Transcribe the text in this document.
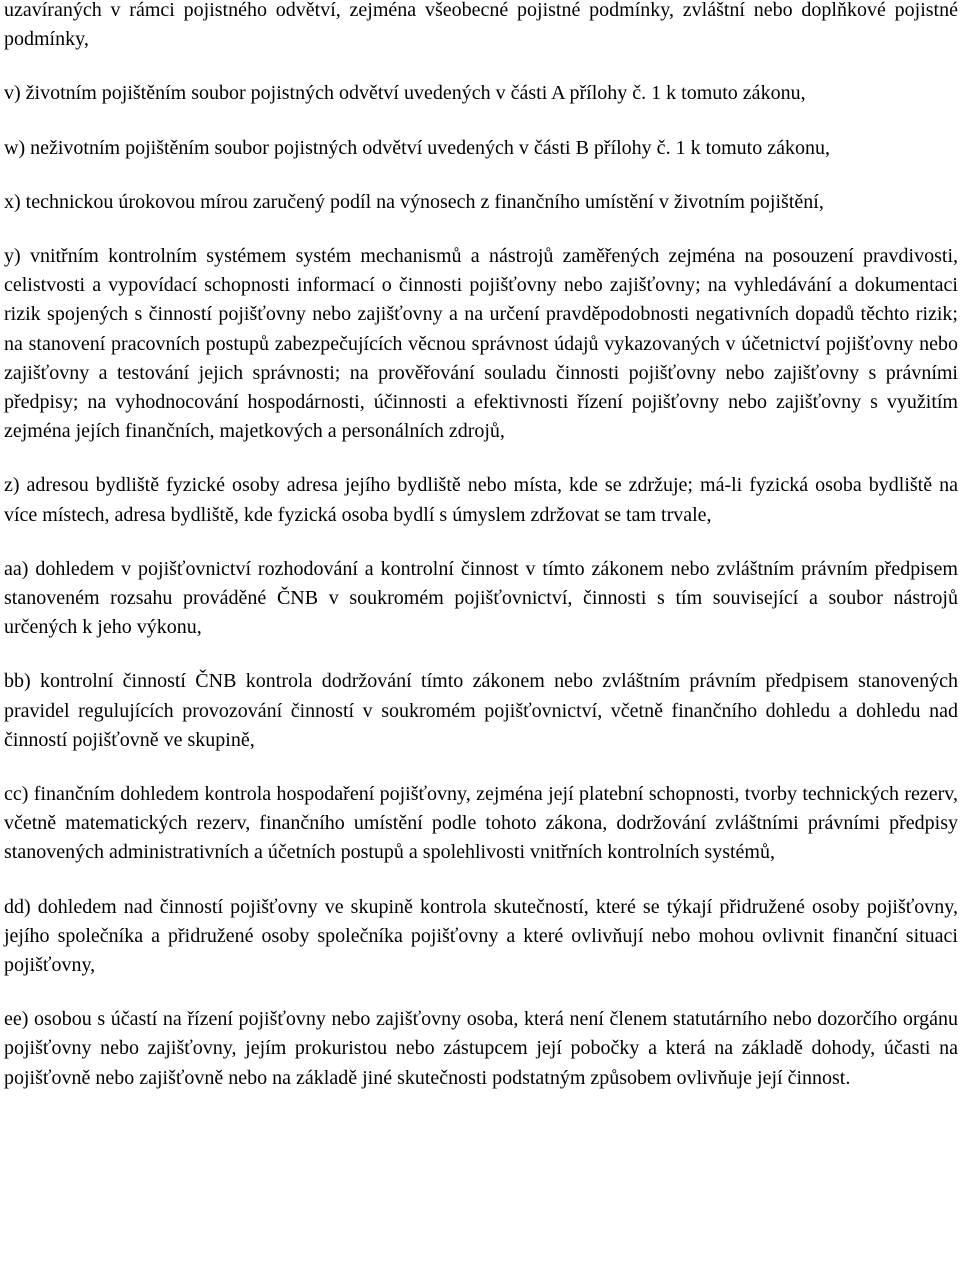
uzavíraných v rámci pojistného odvětví, zejména všeobecné pojistné podmínky, zvláštní nebo doplňkové pojistné podmínky,

v) životním pojištěním soubor pojistných odvětví uvedených v části A přílohy č. 1 k tomuto zákonu,

w) neživotním pojištěním soubor pojistných odvětví uvedených v části B přílohy č. 1 k tomuto zákonu,

x) technickou úrokovou mírou zaručený podíl na výnosech z finančního umístění v životním pojištění,

y) vnitřním kontrolním systémem systém mechanismů a nástrojů zaměřených zejména na posouzení pravdivosti, celistvosti a vypovídací schopnosti informací o činnosti pojišťovny nebo zajišťovny; na vyhledávání a dokumentaci rizik spojených s činností pojišťovny nebo zajišťovny a na určení pravděpodobnosti negativních dopadů těchto rizik; na stanovení pracovních postupů zabezpečujících věcnou správnost údajů vykazovaných v účetnictví pojišťovny nebo zajišťovny a testování jejich správnosti; na prověřování souladu činnosti pojišťovny nebo zajišťovny s právními předpisy; na vyhodnocování hospodárnosti, účinnosti a efektivnosti řízení pojišťovny nebo zajišťovny s využitím zejména jejích finančních, majetkových a personálních zdrojů,

z) adresou bydliště fyzické osoby adresa jejího bydliště nebo místa, kde se zdržuje; má-li fyzická osoba bydliště na více místech, adresa bydliště, kde fyzická osoba bydlí s úmyslem zdržovat se tam trvale,

aa) dohledem v pojišťovnictví rozhodování a kontrolní činnost v tímto zákonem nebo zvláštním právním předpisem stanoveném rozsahu prováděné ČNB v soukromém pojišťovnictví, činnosti s tím související a soubor nástrojů určených k jeho výkonu,

bb) kontrolní činností ČNB kontrola dodržování tímto zákonem nebo zvláštním právním předpisem stanovených pravidel regulujících provozování činností v soukromém pojišťovnictví, včetně finančního dohledu a dohledu nad činností pojišťovně ve skupině,

cc) finančním dohledem kontrola hospodaření pojišťovny, zejména její platební schopnosti, tvorby technických rezerv, včetně matematických rezerv, finančního umístění podle tohoto zákona, dodržování zvláštními právními předpisy stanovených administrativních a účetních postupů a spolehlivosti vnitřních kontrolních systémů,

dd) dohledem nad činností pojišťovny ve skupině kontrola skutečností, které se týkají přidružené osoby pojišťovny, jejího společníka a přidružené osoby společníka pojišťovny a které ovlivňují nebo mohou ovlivnit finanční situaci pojišťovny,

ee) osobou s účastí na řízení pojišťovny nebo zajišťovny osoba, která není členem statutárního nebo dozorčího orgánu pojišťovny nebo zajišťovny, jejím prokuristou nebo zástupcem její pobočky a která na základě dohody, účasti na pojišťovně nebo zajišťovně nebo na základě jiné skutečnosti podstatným způsobem ovlivňuje její činnost.
